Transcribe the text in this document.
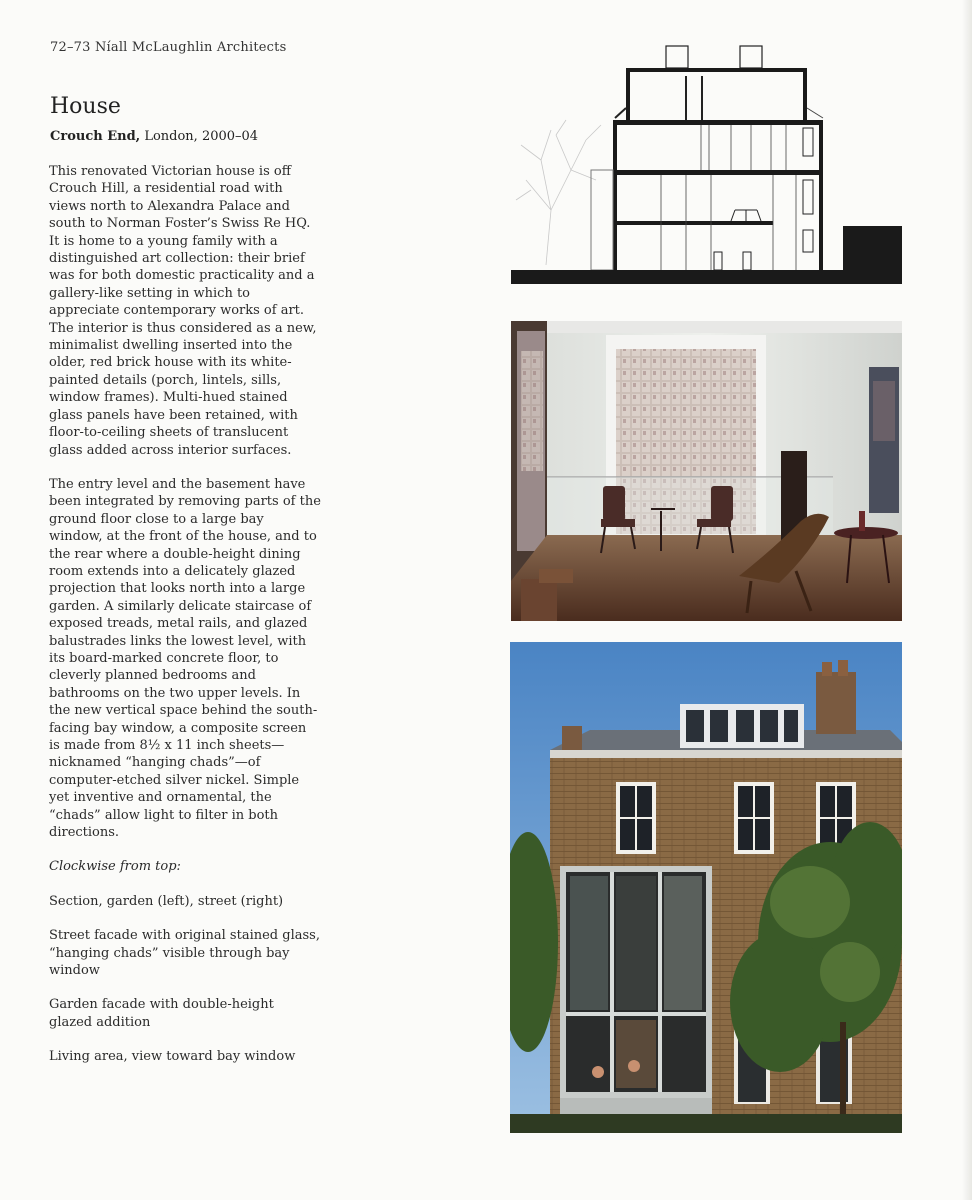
72–73 Níall McLaughlin Architects
House
Crouch End, London, 2000–04

This renovated Victorian house is off Crouch Hill, a residential road with views north to Alexandra Palace and south to Norman Foster’s Swiss Re HQ. It is home to a young family with a distinguished art collection: their brief was for both domestic practicality and a gallery-like setting in which to appreciate contemporary works of art. The interior is thus considered as a new, minimalist dwelling inserted into the older, red brick house with its white-painted details (porch, lintels, sills, window frames). Multi-hued stained glass panels have been retained, with floor-to-ceiling sheets of translucent glass added across interior surfaces.

The entry level and the basement have been integrated by removing parts of the ground floor close to a large bay window, at the front of the house, and to the rear where a double-height dining room extends into a delicately glazed projection that looks north into a large garden. A similarly delicate staircase of exposed treads, metal rails, and glazed balustrades links the lowest level, with its board-marked concrete floor, to cleverly planned bedrooms and bathrooms on the two upper levels. In the new vertical space behind the south-facing bay window, a composite screen is made from 8½ x 11 inch sheets—nicknamed “hanging chads”—of computer-etched silver nickel. Simple yet inventive and ornamental, the “chads” allow light to filter in both directions.

Clockwise from top:

Section, garden (left), street (right)

Street facade with original stained glass, “hanging chads” visible through bay window

Garden facade with double-height glazed addition

Living area, view toward bay window
